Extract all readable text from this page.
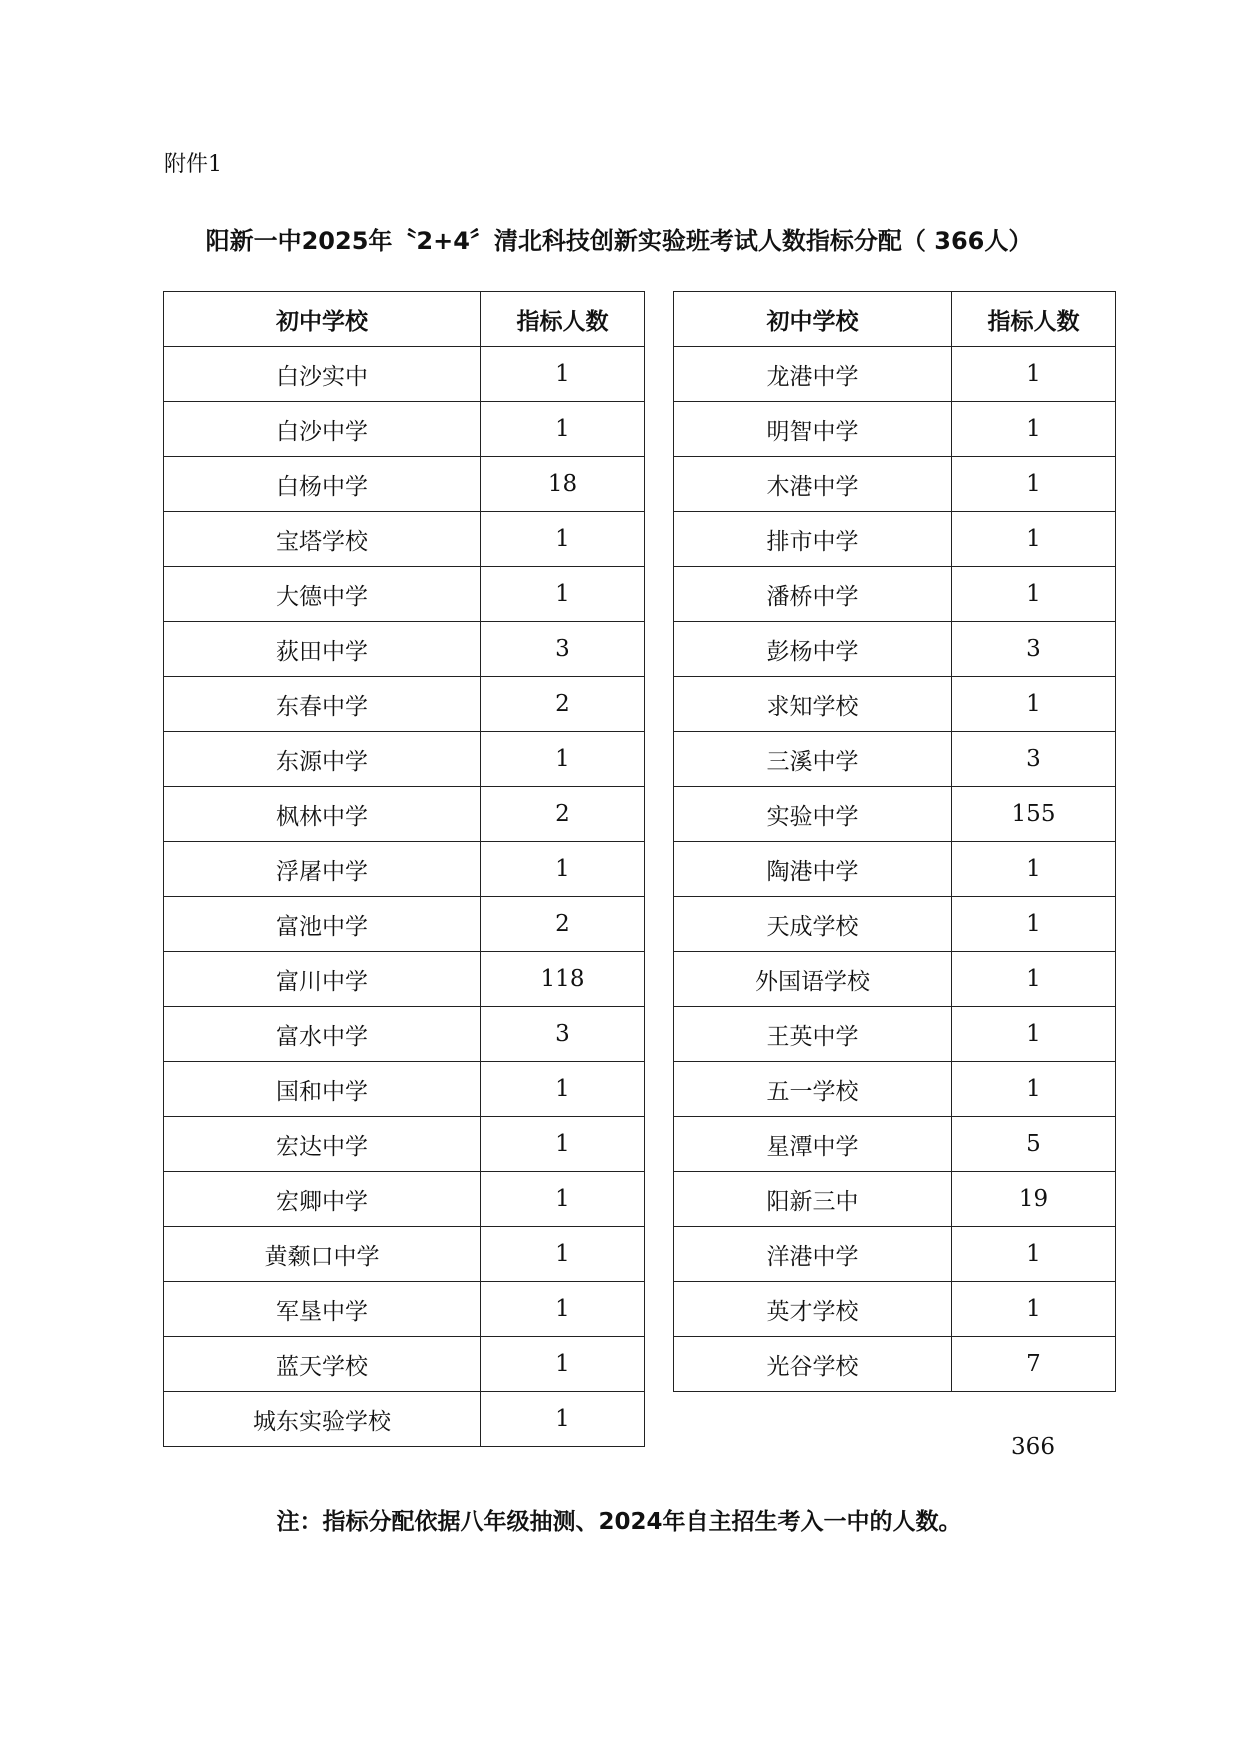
附件1
阳新一中2025年〝2+4〞清北科技创新实验班考试人数指标分配（ 366人）
初中学校	指标人数
白沙实中	1
白沙中学	1
白杨中学	18
宝塔学校	1
大德中学	1
荻田中学	3
东春中学	2
东源中学	1
枫林中学	2
浮屠中学	1
富池中学	2
富川中学	118
富水中学	3
国和中学	1
宏达中学	1
宏卿中学	1
黄颡口中学	1
军垦中学	1
蓝天学校	1
城东实验学校	1
初中学校	指标人数
龙港中学	1
明智中学	1
木港中学	1
排市中学	1
潘桥中学	1
彭杨中学	3
求知学校	1
三溪中学	3
实验中学	155
陶港中学	1
天成学校	1
外国语学校	1
王英中学	1
五一学校	1
星潭中学	5
阳新三中	19
洋港中学	1
英才学校	1
光谷学校	7
366
注：指标分配依据八年级抽测、2024年自主招生考入一中的人数。
